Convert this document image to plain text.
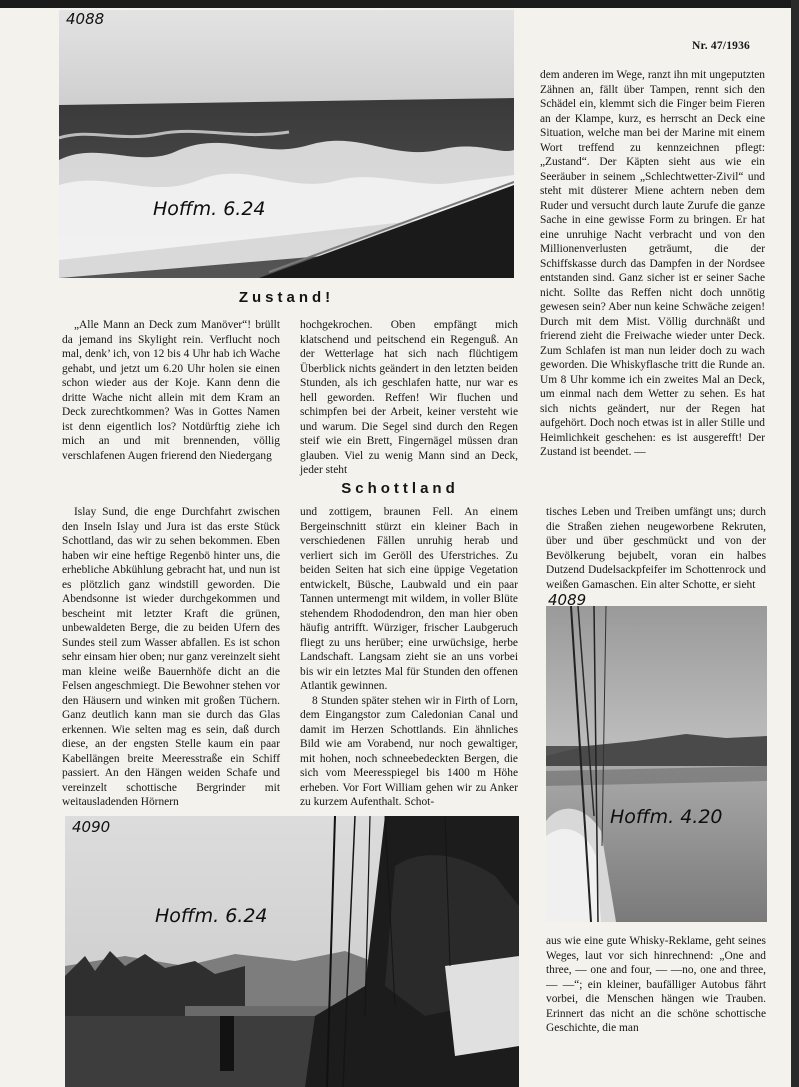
4088
Hoffm. 6.24
Nr. 47/1936
Zustand!

„Alle Mann an Deck zum Manöver“! brüllt da jemand ins Skylight rein. Verflucht noch mal, denk’ ich, von 12 bis 4 Uhr hab ich Wache gehabt, und jetzt um 6.20 Uhr holen sie einen schon wieder aus der Koje. Kann denn die dritte Wache nicht allein mit dem Kram an Deck zurechtkommen? Was in Gottes Namen ist denn eigentlich los? Notdürftig ziehe ich mich an und mit brennenden, völlig verschlafenen Augen frierend den Niedergang

hochgekrochen. Oben empfängt mich klatschend und peitschend ein Regenguß. An der Wetterlage hat sich nach flüchtigem Überblick nichts geändert in den letzten beiden Stunden, als ich geschlafen hatte, nur war es hell geworden. Reffen! Wir fluchen und schimpfen bei der Arbeit, keiner versteht wie und warum. Die Segel sind durch den Regen steif wie ein Brett, Fingernägel müssen dran glauben. Viel zu wenig Mann sind an Deck, jeder steht

dem anderen im Wege, ranzt ihn mit ungeputzten Zähnen an, fällt über Tampen, rennt sich den Schädel ein, klemmt sich die Finger beim Fieren an der Klampe, kurz, es herrscht an Deck eine Situation, welche man bei der Marine mit einem Wort treffend zu kennzeichnen pflegt: „Zustand“. Der Käpten sieht aus wie ein Seeräuber in seinem „Schlechtwetter-Zivil“ und steht mit düsterer Miene achtern neben dem Ruder und versucht durch laute Zurufe die ganze Sache in eine gewisse Form zu bringen. Er hat eine unruhige Nacht verbracht und von den Millionenverlusten geträumt, die der Schiffskasse durch das Dampfen in der Nordsee entstanden sind. Ganz sicher ist er seiner Sache nicht. Sollte das Reffen nicht doch unnötig gewesen sein? Aber nun keine Schwäche zeigen! Durch mit dem Mist. Völlig durchnäßt und frierend zieht die Freiwache wieder unter Deck. Zum Schlafen ist man nun leider doch zu wach geworden. Die Whiskyflasche tritt die Runde an. Um 8 Uhr komme ich ein zweites Mal an Deck, um einmal nach dem Wetter zu sehen. Es hat sich nichts geändert, nur der Regen hat aufgehört. Doch noch etwas ist in aller Stille und Heimlichkeit geschehen: es ist ausgerefft! Der Zustand ist beendet. —

Schottland

Islay Sund, die enge Durchfahrt zwischen den Inseln Islay und Jura ist das erste Stück Schottland, das wir zu sehen bekommen. Eben haben wir eine heftige Regenbö hinter uns, die erhebliche Abkühlung gebracht hat, und nun ist es plötzlich ganz windstill geworden. Die Abendsonne ist wieder durchgekommen und bescheint mit letzter Kraft die grünen, unbewaldeten Berge, die zu beiden Ufern des Sundes steil zum Wasser abfallen. Es ist schon sehr einsam hier oben; nur ganz vereinzelt sieht man kleine weiße Bauernhöfe dicht an die Felsen angeschmiegt. Die Bewohner stehen vor den Häusern und winken mit großen Tüchern. Ganz deutlich kann man sie durch das Glas erkennen. Wie selten mag es sein, daß durch diese, an der engsten Stelle kaum ein paar Kabellängen breite Meeresstraße ein Schiff passiert. An den Hängen weiden Schafe und vereinzelt schottische Bergrinder mit weitausladenden Hörnern

und zottigem, braunen Fell. An einem Bergeinschnitt stürzt ein kleiner Bach in verschiedenen Fällen unruhig herab und verliert sich im Geröll des Uferstriches. Zu beiden Seiten hat sich eine üppige Vegetation entwickelt, Büsche, Laubwald und ein paar Tannen untermengt mit wildem, in voller Blüte stehendem Rhododendron, den man hier oben häufig antrifft. Würziger, frischer Laubgeruch fliegt zu uns herüber; eine urwüchsige, herbe Landschaft. Langsam zieht sie an uns vorbei bis wir ein letztes Mal für Stunden den offenen Atlantik gewinnen.

8 Stunden später stehen wir in Firth of Lorn, dem Eingangstor zum Caledonian Canal und damit im Herzen Schottlands. Ein ähnliches Bild wie am Vorabend, nur noch gewaltiger, mit hohen, noch schneebedeckten Bergen, die sich vom Meeresspiegel bis 1400 m Höhe erheben. Vor Fort William gehen wir zu Anker zu kurzem Aufenthalt. Schot-

tisches Leben und Treiben umfängt uns; durch die Straßen ziehen neugeworbene Rekruten, über und über geschmückt und von der Bevölkerung bejubelt, voran ein halbes Dutzend Dudelsackpfeifer im Schottenrock und weißen Gamaschen. Ein alter Schotte, er sieht

4089
Hoffm. 4.20

aus wie eine gute Whisky-Reklame, geht seines Weges, laut vor sich hinrechnend: „One and three, — one and four, — —no, one and three, — —“; ein kleiner, baufälliger Autobus fährt vorbei, die Menschen hängen wie Trauben. Erinnert das nicht an die schöne schottische Geschichte, die man

4090
Hoffm. 6.24
